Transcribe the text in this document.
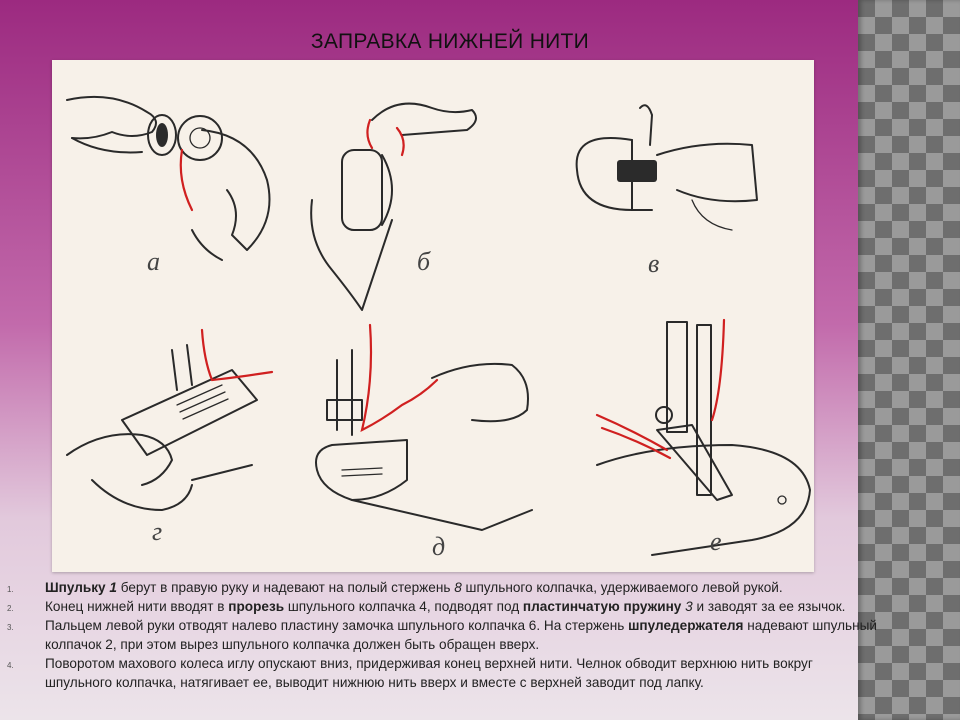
ЗАПРАВКА НИЖНЕЙ НИТИ
а	б	в
г
д	е
1. Шпульку 1 берут в правую руку и надевают на полый стержень 8 шпульного колпачка, удерживаемого левой рукой.
2. Конец нижней нити вводят в прорезь шпульного колпачка 4, подводят под пластинчатую пружину 3 и заводят за ее язычок.
3. Пальцем левой руки отводят налево пластину замочка шпульного колпачка 6. На стержень шпуледержателя надевают шпульный колпачок 2, при этом вырез шпульного колпачка должен быть обращен вверх.
4. Поворотом махового колеса иглу опускают вниз, придерживая конец верхней нити. Челнок обводит верхнюю нить вокруг шпульного колпачка, натягивает ее, выводит нижнюю нить вверх и вместе с верхней заводит под лапку.
